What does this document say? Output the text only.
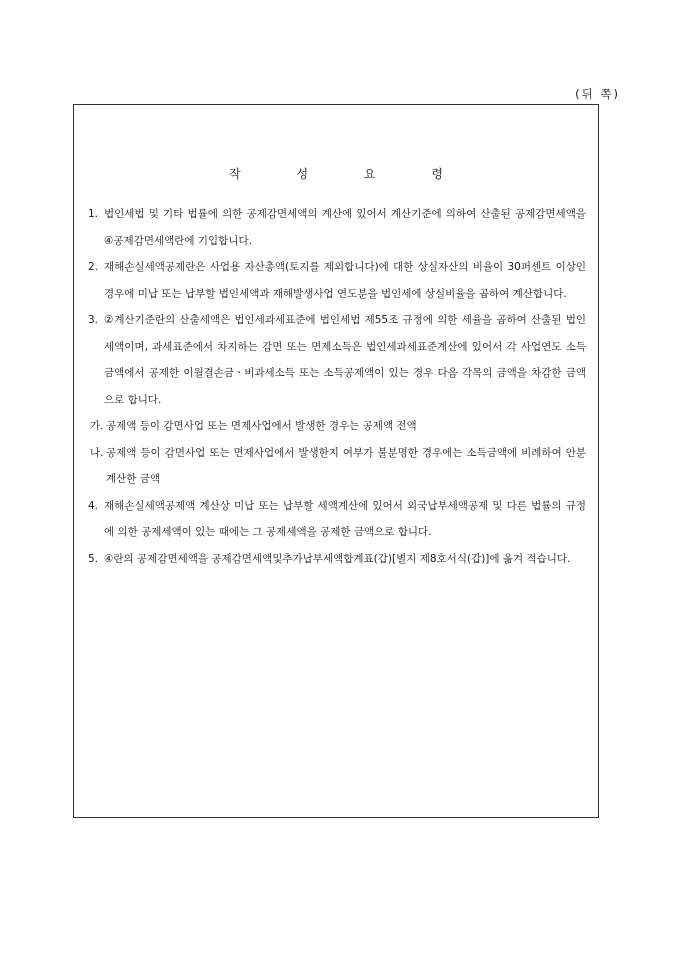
(뒤 쪽)
작 성 요 령
1. 법인세법 및 기타 법률에 의한 공제감면세액의 계산에 있어서 계산기준에 의하여 산출된 공제감면세액을 ④공제감면세액란에 기입합니다.
2. 재해손실세액공제란은 사업용 자산총액(토지를 제외합니다)에 대한 상실자산의 비율이 30퍼센트 이상인 경우에 미납 또는 납부할 법인세액과 재해발생사업 연도분을 법인세에 상실비율을 곱하여 계산합니다.
3. ②계산기준란의 산출세액은 법인세과세표준에 법인세법 제55조 규정에 의한 세율을 곱하여 산출된 법인세액이며, 과세표준에서 차지하는 감면 또는 면제소득은 법인세과세표준계산에 있어서 각 사업연도 소득금액에서 공제한 이월결손금ㆍ비과세소득 또는 소득공제액이 있는 경우 다음 각목의 금액을 차감한 금액으로 합니다.
가. 공제액 등이 감면사업 또는 면제사업에서 발생한 경우는 공제액 전액
나. 공제액 등이 감면사업 또는 면제사업에서 발생한지 여부가 불분명한 경우에는 소득금액에 비례하여 안분계산한 금액
4. 재해손실세액공제액 계산상 미납 또는 납부할 세액계산에 있어서 외국납부세액공제 및 다른 법률의 규정에 의한 공제세액이 있는 때에는 그 공제세액을 공제한 금액으로 합니다.
5. ④란의 공제감면세액을 공제감면세액및추가납부세액합계표(갑)[별지 제8호서식(갑)]에 옮겨 적습니다.
